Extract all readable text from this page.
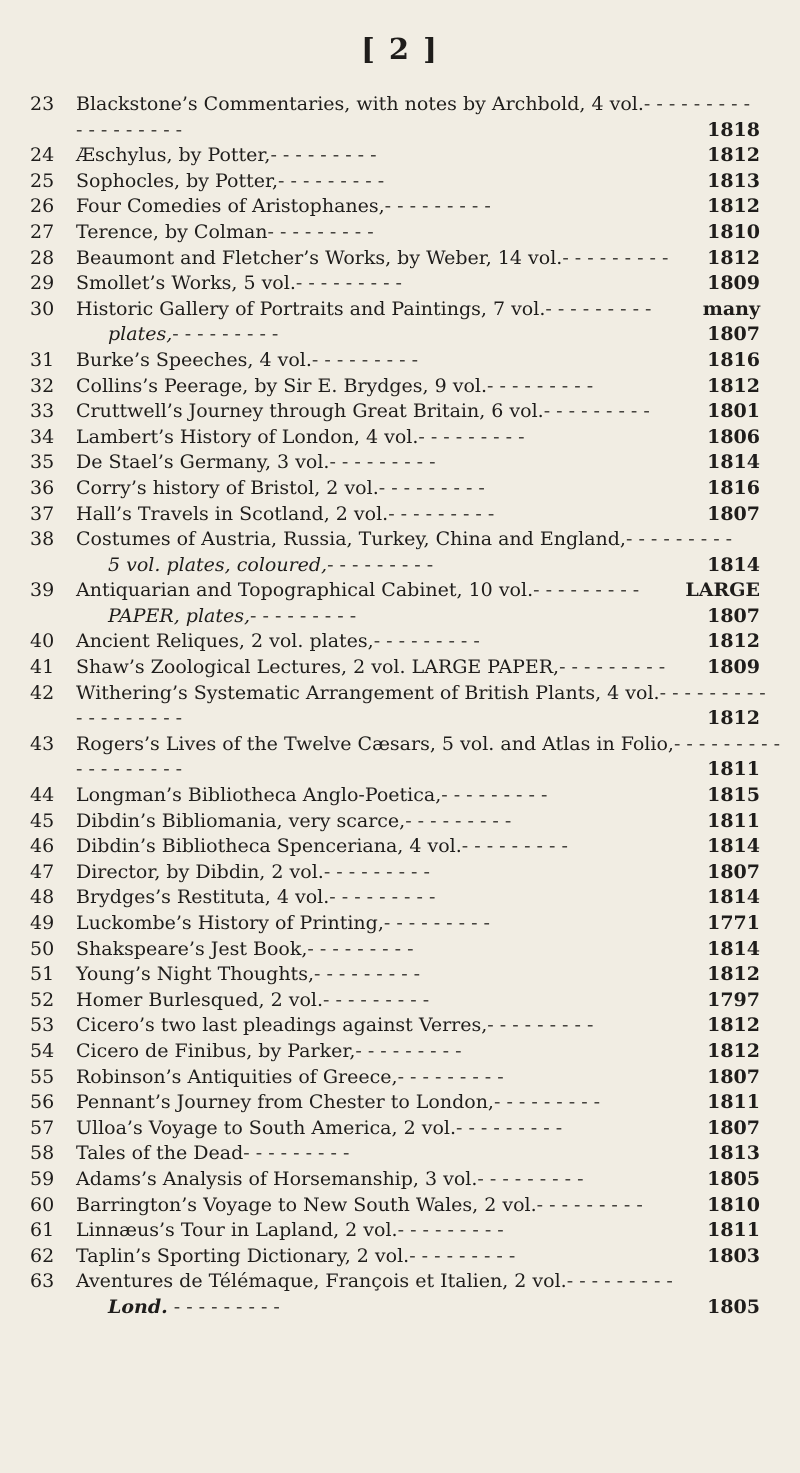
[ 2 ]
23	Blackstone’s Commentaries, with notes by Archbold, 4 vol. - - - - - - - - -
- - - - - - - - -	1818
24	Æschylus, by Potter, - - - - - - - - -	1812
25	Sophocles, by Potter, - - - - - - - - -	1813
26	Four Comedies of Aristophanes, - - - - - - - - -	1812
27	Terence, by Colman - - - - - - - - -	1810
28	Beaumont and Fletcher’s Works, by Weber, 14 vol. - - - - - - - - -	1812
29	Smollet’s Works, 5 vol. - - - - - - - - -	1809
30	Historic Gallery of Portraits and Paintings, 7 vol. - - - - - - - - -	many
plates, - - - - - - - - -	1807
31	Burke’s Speeches, 4 vol. - - - - - - - - -	1816
32	Collins’s Peerage, by Sir E. Brydges, 9 vol. - - - - - - - - -	1812
33	Cruttwell’s Journey through Great Britain, 6 vol. - - - - - - - - -	1801
34	Lambert’s History of London, 4 vol. - - - - - - - - -	1806
35	De Stael’s Germany, 3 vol. - - - - - - - - -	1814
36	Corry’s history of Bristol, 2 vol. - - - - - - - - -	1816
37	Hall’s Travels in Scotland, 2 vol. - - - - - - - - -	1807
38	Costumes of Austria, Russia, Turkey, China and England, - - - - - - - - -
5 vol. plates, coloured, - - - - - - - - -	1814
39	Antiquarian and Topographical Cabinet, 10 vol. - - - - - - - - -	LARGE
PAPER, plates, - - - - - - - - -	1807
40	Ancient Reliques, 2 vol. plates, - - - - - - - - -	1812
41	Shaw’s Zoological Lectures, 2 vol. LARGE PAPER, - - - - - - - - -	1809
42	Withering’s Systematic Arrangement of British Plants, 4 vol. - - - - - - - - -
- - - - - - - - -	1812
43	Rogers’s Lives of the Twelve Cæsars, 5 vol. and Atlas in Folio, - - - - - - - - -
- - - - - - - - -	1811
44	Longman’s Bibliotheca Anglo-Poetica, - - - - - - - - -	1815
45	Dibdin’s Bibliomania, very scarce, - - - - - - - - -	1811
46	Dibdin’s Bibliotheca Spenceriana, 4 vol. - - - - - - - - -	1814
47	Director, by Dibdin, 2 vol. - - - - - - - - -	1807
48	Brydges’s Restituta, 4 vol. - - - - - - - - -	1814
49	Luckombe’s History of Printing, - - - - - - - - -	1771
50	Shakspeare’s Jest Book, - - - - - - - - -	1814
51	Young’s Night Thoughts, - - - - - - - - -	1812
52	Homer Burlesqued, 2 vol. - - - - - - - - -	1797
53	Cicero’s two last pleadings against Verres, - - - - - - - - -	1812
54	Cicero de Finibus, by Parker, - - - - - - - - -	1812
55	Robinson’s Antiquities of Greece, - - - - - - - - -	1807
56	Pennant’s Journey from Chester to London, - - - - - - - - -	1811
57	Ulloa’s Voyage to South America, 2 vol. - - - - - - - - -	1807
58	Tales of the Dead - - - - - - - - -	1813
59	Adams’s Analysis of Horsemanship, 3 vol. - - - - - - - - -	1805
60	Barrington’s Voyage to New South Wales, 2 vol. - - - - - - - - -	1810
61	Linnæus’s Tour in Lapland, 2 vol. - - - - - - - - -	1811
62	Taplin’s Sporting Dictionary, 2 vol. - - - - - - - - -	1803
63	Aventures de Télémaque, François et Italien, 2 vol. - - - - - - - - -
Lond. - - - - - - - - -	1805
